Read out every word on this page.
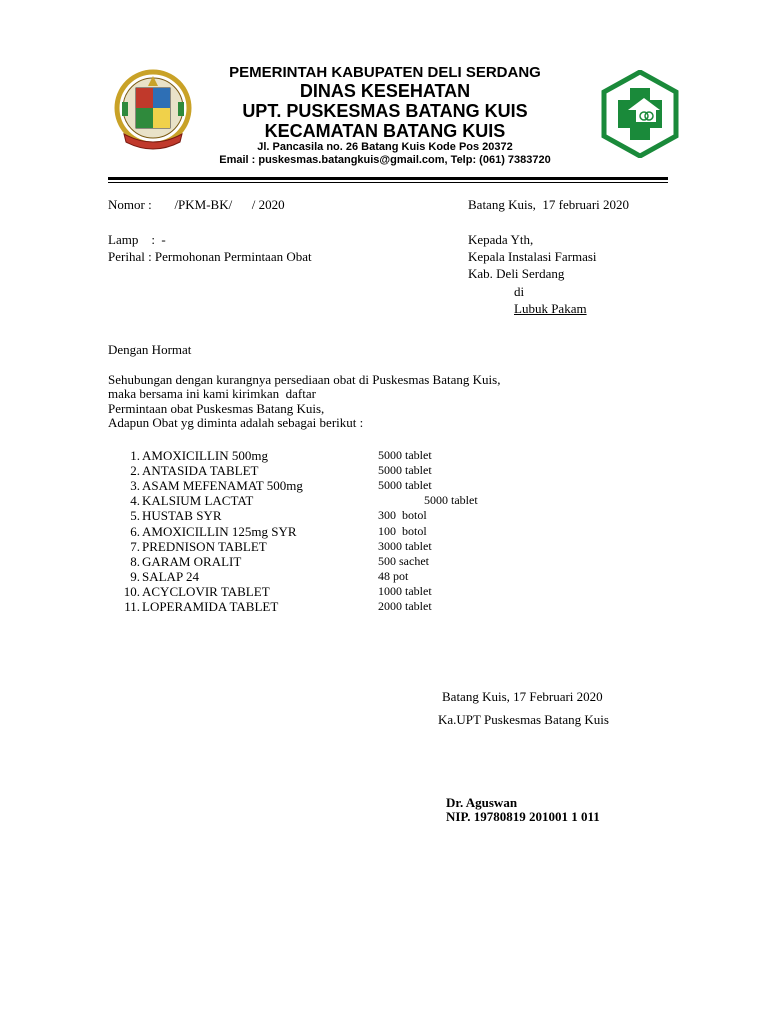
PEMERINTAH KABUPATEN DELI SERDANG
DINAS KESEHATAN
UPT. PUSKESMAS BATANG KUIS
KECAMATAN BATANG KUIS
Jl. Pancasila no. 26 Batang Kuis Kode Pos 20372
Email : puskesmas.batangkuis@gmail.com, Telp: (061) 7383720
Nomor :       /PKM-BK/      / 2020	Batang Kuis,  17 februari 2020
Lamp    :  -
Perihal : Permohonan Permintaan Obat
Kepada Yth,
Kepala Instalasi Farmasi
Kab. Deli Serdang
di
Lubuk Pakam
Dengan Hormat
Sehubungan dengan kurangnya persediaan obat di Puskesmas Batang Kuis,
maka bersama ini kami kirimkan  daftar
Permintaan obat Puskesmas Batang Kuis,
Adapun Obat yg diminta adalah sebagai berikut :
1. AMOXICILLIN 500mg	5000 tablet
2. ANTASIDA TABLET	5000 tablet
3. ASAM MEFENAMAT 500mg	5000 tablet
4. KALSIUM LACTAT	5000 tablet
5. HUSTAB SYR	300  botol
6. AMOXICILLIN 125mg SYR	100  botol
7. PREDNISON TABLET	3000 tablet
8. GARAM ORALIT	500 sachet
9. SALAP 24	48 pot
10. ACYCLOVIR TABLET	1000 tablet
11. LOPERAMIDA TABLET	2000 tablet
Batang Kuis, 17 Februari 2020
Ka.UPT Puskesmas Batang Kuis
Dr. Aguswan
NIP. 19780819 201001 1 011
